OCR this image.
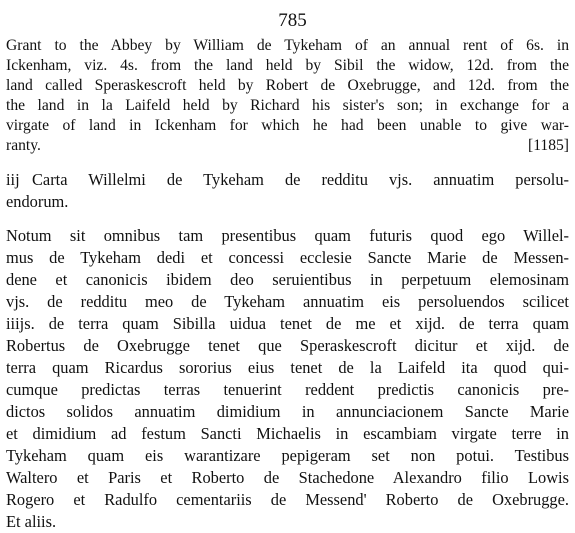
785
Grant to the Abbey by William de Tykeham of an annual rent of 6s. in
Ickenham, viz. 4s. from the land held by Sibil the widow, 12d. from the
land called Speraskescroft held by Robert de Oxebrugge, and 12d. from the
the land in la Laifeld held by Richard his sister's son; in exchange for a
virgate of land in Ickenham for which he had been unable to give war-
ranty.	[1185]
iij Carta Willelmi de Tykeham de redditu vjs. annuatim persolu-
endorum.
Notum sit omnibus tam presentibus quam futuris quod ego Willel-
mus de Tykeham dedi et concessi ecclesie Sancte Marie de Messen-
dene et canonicis ibidem deo seruientibus in perpetuum elemosinam
vjs. de redditu meo de Tykeham annuatim eis persoluendos scilicet
iiijs. de terra quam Sibilla uidua tenet de me et xijd. de terra quam
Robertus de Oxebrugge tenet que Speraskescroft dicitur et xijd. de
terra quam Ricardus sororius eius tenet de la Laifeld ita quod qui-
cumque predictas terras tenuerint reddent predictis canonicis pre-
dictos solidos annuatim dimidium in annunciacionem Sancte Marie
et dimidium ad festum Sancti Michaelis in escambiam virgate terre in
Tykeham quam eis warantizare pepigeram set non potui. Testibus
Waltero et Paris et Roberto de Stachedone Alexandro filio Lowis
Rogero et Radulfo cementariis de Messend' Roberto de Oxebrugge.
Et aliis.
